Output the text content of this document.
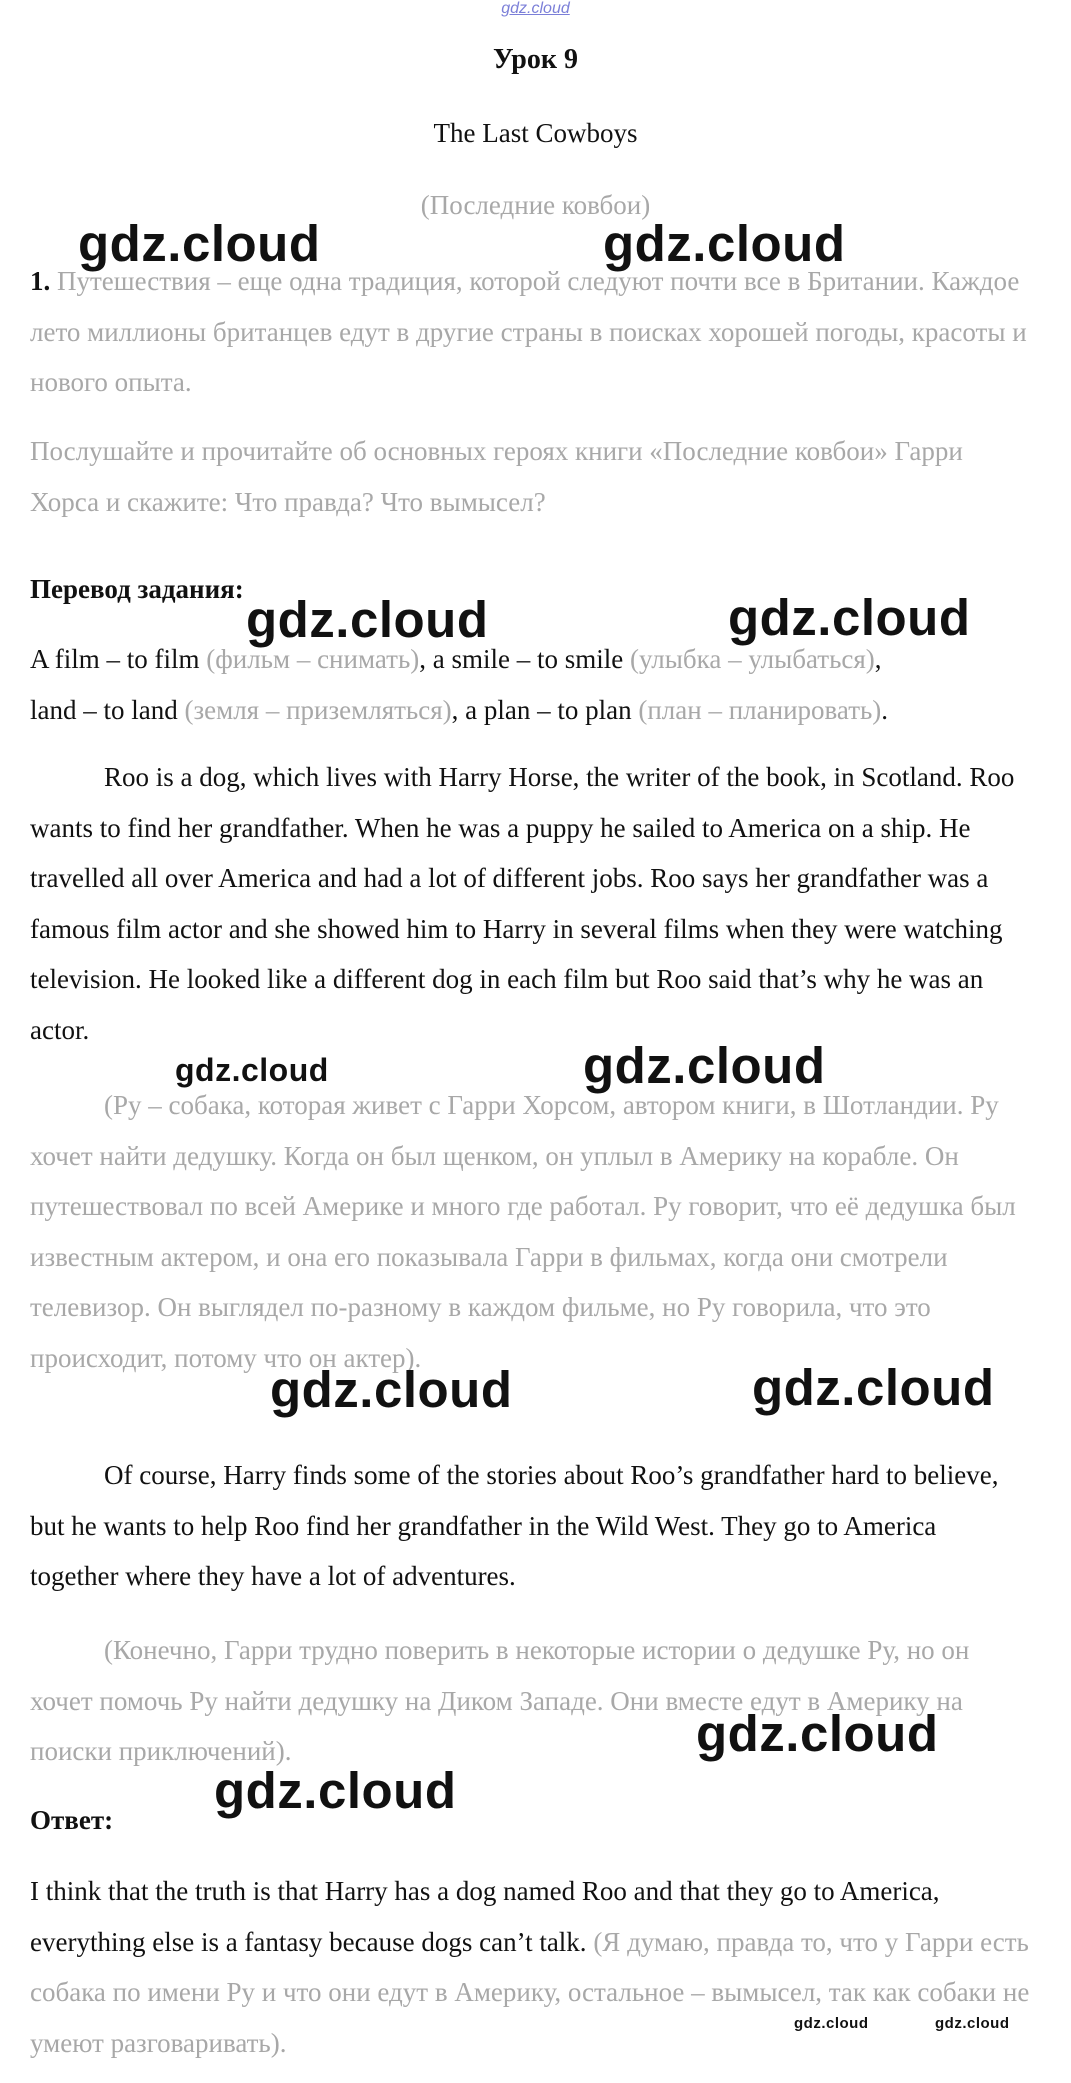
gdz.cloud

Урок 9

The Last Cowboys

(Последние ковбои)

1. Путешествия – еще одна традиция, которой следуют почти все в Британии. Каждое лето миллионы британцев едут в другие страны в поисках хорошей погоды, красоты и нового опыта.

Послушайте и прочитайте об основных героях книги «Последние ковбои» Гарри Хорса и скажите: Что правда? Что вымысел?

Перевод задания:

A film – to film (фильм – снимать), a smile – to smile (улыбка – улыбаться),
land – to land (земля – приземляться), a plan – to plan (план – планировать).

Roo is a dog, which lives with Harry Horse, the writer of the book, in Scotland. Roo wants to find her grandfather. When he was a puppy he sailed to America on a ship. He travelled all over America and had a lot of different jobs. Roo says her grandfather was a famous film actor and she showed him to Harry in several films when they were watching television. He looked like a different dog in each film but Roo said that’s why he was an actor.

(Ру – собака, которая живет с Гарри Хорсом, автором книги, в Шотландии. Ру хочет найти дедушку. Когда он был щенком, он уплыл в Америку на корабле. Он путешествовал по всей Америке и много где работал. Ру говорит, что её дедушка был известным актером, и она его показывала Гарри в фильмах, когда они смотрели телевизор. Он выглядел по-разному в каждом фильме, но Ру говорила, что это происходит, потому что он актер).

Of course, Harry finds some of the stories about Roo’s grandfather hard to believe, but he wants to help Roo find her grandfather in the Wild West. They go to America together where they have a lot of adventures.

(Конечно, Гарри трудно поверить в некоторые истории о дедушке Ру, но он хочет помочь Ру найти дедушку на Диком Западе. Они вместе едут в Америку на поиски приключений).

Ответ:

I think that the truth is that Harry has a dog named Roo and that they go to America, everything else is a fantasy because dogs can’t talk. (Я думаю, правда то, что у Гарри есть собака по имени Ру и что они едут в Америку, остальное – вымысел, так как собаки не умеют разговаривать).

gdz.cloud	gdz.cloud
gdz.cloud	gdz.cloud
gdz.cloud	gdz.cloud
gdz.cloud	gdz.cloud
gdz.cloud
gdz.cloud
gdz.cloud	gdz.cloud
